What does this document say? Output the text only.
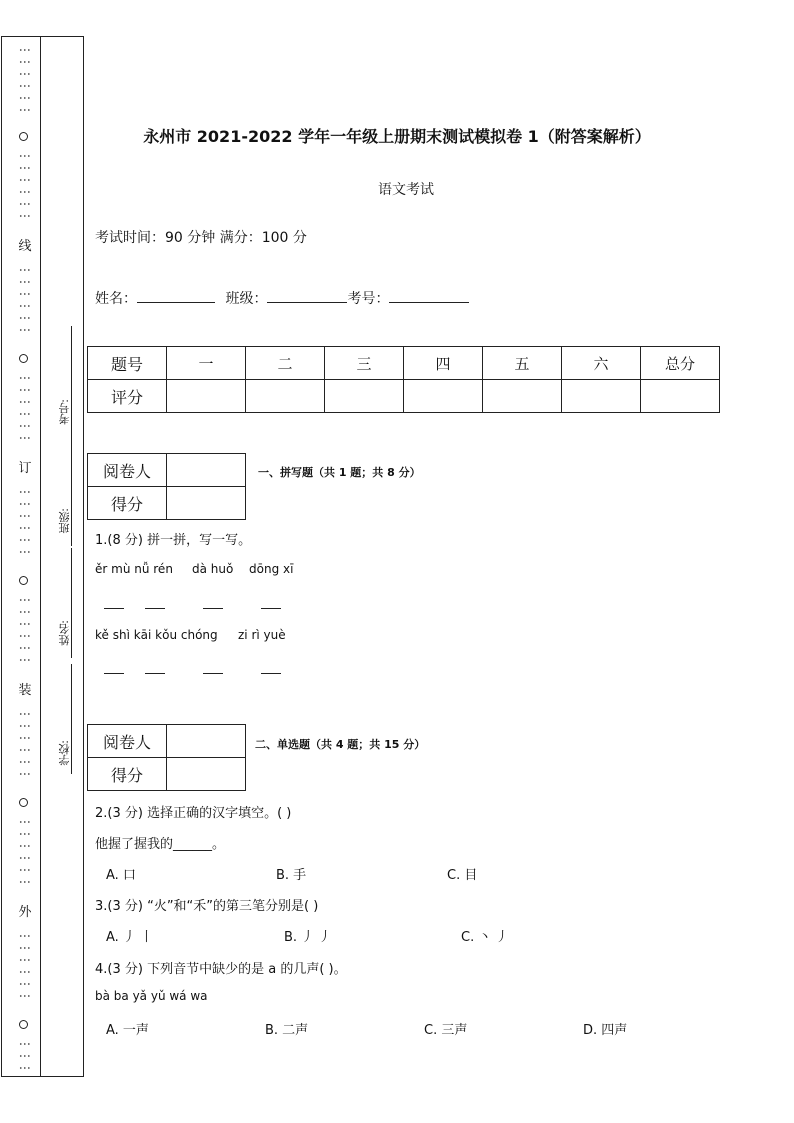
⋮⋮⋮⋮⋮⋮
⋮⋮⋮⋮⋮⋮
线
⋮⋮⋮⋮⋮⋮
⋮⋮⋮⋮⋮⋮
订
⋮⋮⋮⋮⋮⋮
⋮⋮⋮⋮⋮⋮
装
⋮⋮⋮⋮⋮⋮
⋮⋮⋮⋮⋮⋮
外
⋮⋮⋮⋮⋮⋮
⋮⋮⋮
考号:
班级:
姓名:
学校:
永州市 2021-2022 学年一年级上册期末测试模拟卷 1（附答案解析）
语文考试
考试时间：90 分钟 满分：100 分
姓名：	班级：	考号：
题号	一	二	三	四	五	六	总分
评分							
阅卷人	
得分	
一、拼写题（共 1 题；共 8 分）
1.(8 分) 拼一拼，写一写。
ěr mù nǚ rén dà huǒ dōng xī
kě shì kāi kǒu chóng zi rì yuè
阅卷人	
得分	
二、单选题（共 4 题；共 15 分）
2.(3 分) 选择正确的汉字填空。( )
他握了握我的______。
A. 口	B. 手	C. 目
3.(3 分) “火”和“禾”的第三笔分别是( )
A. 丿 丨	B. 丿 丿	C. 丶 丿
4.(3 分) 下列音节中缺少的是 a 的几声( )。
bà ba yǎ yǔ wá wa
A. 一声	B. 二声	C. 三声	D. 四声
